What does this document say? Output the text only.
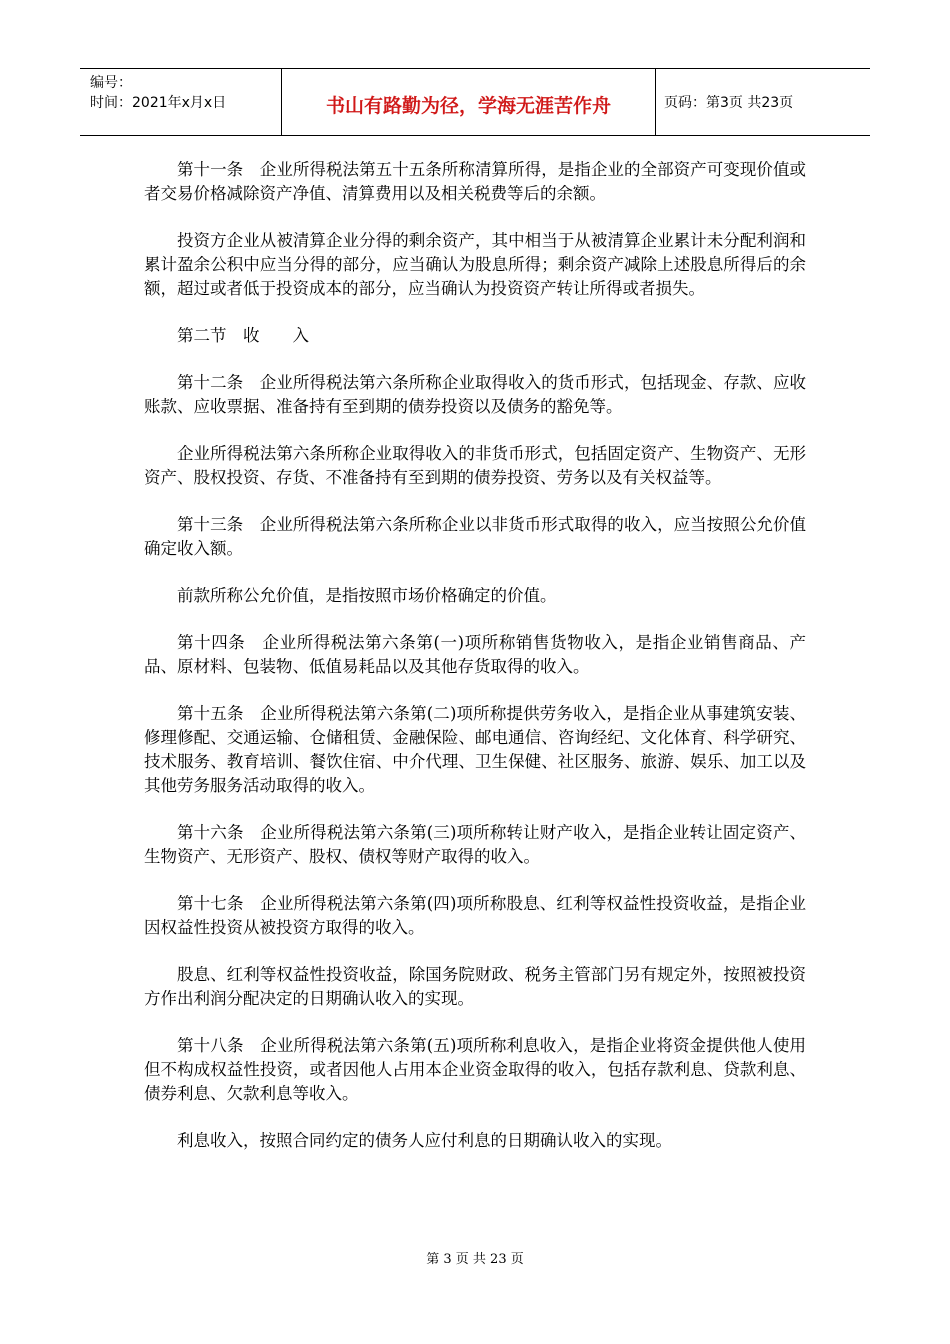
编号：
时间：2021年x月x日	书山有路勤为径，学海无涯苦作舟	页码：第3页 共23页

第十一条　企业所得税法第五十五条所称清算所得，是指企业的全部资产可变现价值或者交易价格减除资产净值、清算费用以及相关税费等后的余额。

投资方企业从被清算企业分得的剩余资产，其中相当于从被清算企业累计未分配利润和累计盈余公积中应当分得的部分，应当确认为股息所得；剩余资产减除上述股息所得后的余额，超过或者低于投资成本的部分，应当确认为投资资产转让所得或者损失。

第二节　收　　入

第十二条　企业所得税法第六条所称企业取得收入的货币形式，包括现金、存款、应收账款、应收票据、准备持有至到期的债券投资以及债务的豁免等。

企业所得税法第六条所称企业取得收入的非货币形式，包括固定资产、生物资产、无形资产、股权投资、存货、不准备持有至到期的债券投资、劳务以及有关权益等。

第十三条　企业所得税法第六条所称企业以非货币形式取得的收入，应当按照公允价值确定收入额。

前款所称公允价值，是指按照市场价格确定的价值。

第十四条　企业所得税法第六条第(一)项所称销售货物收入，是指企业销售商品、产品、原材料、包装物、低值易耗品以及其他存货取得的收入。

第十五条　企业所得税法第六条第(二)项所称提供劳务收入，是指企业从事建筑安装、修理修配、交通运输、仓储租赁、金融保险、邮电通信、咨询经纪、文化体育、科学研究、技术服务、教育培训、餐饮住宿、中介代理、卫生保健、社区服务、旅游、娱乐、加工以及其他劳务服务活动取得的收入。

第十六条　企业所得税法第六条第(三)项所称转让财产收入，是指企业转让固定资产、生物资产、无形资产、股权、债权等财产取得的收入。

第十七条　企业所得税法第六条第(四)项所称股息、红利等权益性投资收益，是指企业因权益性投资从被投资方取得的收入。

股息、红利等权益性投资收益，除国务院财政、税务主管部门另有规定外，按照被投资方作出利润分配决定的日期确认收入的实现。

第十八条　企业所得税法第六条第(五)项所称利息收入，是指企业将资金提供他人使用但不构成权益性投资，或者因他人占用本企业资金取得的收入，包括存款利息、贷款利息、债券利息、欠款利息等收入。

利息收入，按照合同约定的债务人应付利息的日期确认收入的实现。

第 3 页 共 23 页
